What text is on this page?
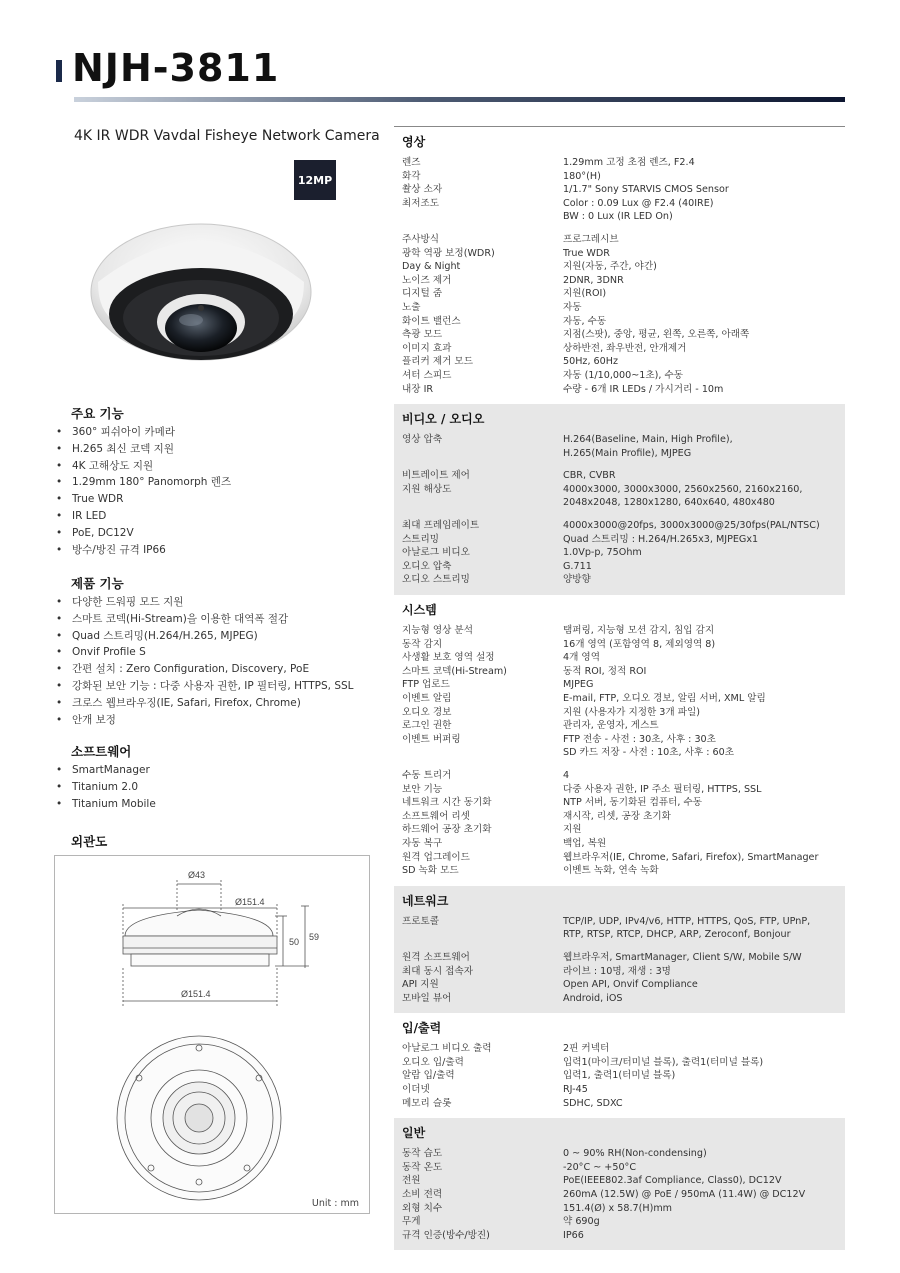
NJH-3811
4K IR WDR Vavdal Fisheye Network Camera
12MP
주요 기능
• 360° 피쉬아이 카메라
• H.265 최신 코덱 지원
• 4K 고해상도 지원
• 1.29mm 180° Panomorph 렌즈
• True WDR
• IR LED
• PoE, DC12V
• 방수/방진 규격 IP66
제품 기능
• 다양한 드워핑 모드 지원
• 스마트 코덱(Hi-Stream)을 이용한 대역폭 절감
• Quad 스트리밍(H.264/H.265, MJPEG)
• Onvif Profile S
• 간편 설치 : Zero Configuration, Discovery, PoE
• 강화된 보안 기능 : 다중 사용자 권한, IP 필터링, HTTPS, SSL
• 크로스 웹브라우징(IE, Safari, Firefox, Chrome)
• 안개 보정
소프트웨어
• SmartManager
• Titanium 2.0
• Titanium Mobile
외관도
Ø43
Ø151.4
50 59
Ø151.4
Unit : mm
영상
렌즈	1.29mm 고정 초점 렌즈, F2.4
화각	180°(H)
촬상 소자	1/1.7" Sony STARVIS CMOS Sensor
최저조도	Color : 0.09 Lux @ F2.4 (40IRE)
BW : 0 Lux (IR LED On)
주사방식	프로그레시브
광학 역광 보정(WDR)	True WDR
Day & Night	지원(자동, 주간, 야간)
노이즈 제거	2DNR, 3DNR
디지털 줌	지원(ROI)
노출	자동
화이트 밸런스	자동, 수동
측광 모드	지점(스팟), 중앙, 평균, 왼쪽, 오른쪽, 아래쪽
이미지 효과	상하반전, 좌우반전, 안개제거
플리커 제거 모드	50Hz, 60Hz
셔터 스피드	자동 (1/10,000~1초), 수동
내장 IR	수량 - 6개 IR LEDs / 가시거리 - 10m
비디오 / 오디오
영상 압축	H.264(Baseline, Main, High Profile),
H.265(Main Profile), MJPEG
비트레이트 제어	CBR, CVBR
지원 해상도	4000x3000, 3000x3000, 2560x2560, 2160x2160,
2048x2048, 1280x1280, 640x640, 480x480
최대 프레임레이트	4000x3000@20fps, 3000x3000@25/30fps(PAL/NTSC)
스트리밍	Quad 스트리밍 : H.264/H.265x3, MJPEGx1
아날로그 비디오	1.0Vp-p, 75Ohm
오디오 압축	G.711
오디오 스트리밍	양방향
시스템
지능형 영상 분석	탬퍼링, 지능형 모션 감지, 침입 감지
동작 감지	16개 영역 (포함영역 8, 제외영역 8)
사생활 보호 영역 설정	4개 영역
스마트 코덱(Hi-Stream)	동적 ROI, 정적 ROI
FTP 업로드	MJPEG
이벤트 알림	E-mail, FTP, 오디오 경보, 알림 서버, XML 알림
오디오 경보	지원 (사용자가 지정한 3개 파일)
로그인 권한	관리자, 운영자, 게스트
이벤트 버퍼링	FTP 전송 - 사전 : 30초, 사후 : 30초
SD 카드 저장 - 사전 : 10초, 사후 : 60초
수동 트리거	4
보안 기능	다중 사용자 권한, IP 주소 필터링, HTTPS, SSL
네트워크 시간 동기화	NTP 서버, 동기화된 컴퓨터, 수동
소프트웨어 리셋	재시작, 리셋, 공장 초기화
하드웨어 공장 초기화	지원
자동 복구	백업, 복원
원격 업그레이드	웹브라우저(IE, Chrome, Safari, Firefox), SmartManager
SD 녹화 모드	이벤트 녹화, 연속 녹화
네트워크
프로토콜	TCP/IP, UDP, IPv4/v6, HTTP, HTTPS, QoS, FTP, UPnP,
RTP, RTSP, RTCP, DHCP, ARP, Zeroconf, Bonjour
원격 소프트웨어	웹브라우저, SmartManager, Client S/W, Mobile S/W
최대 동시 접속자	라이브 : 10명, 재생 : 3명
API 지원	Open API, Onvif Compliance
모바일 뷰어	Android, iOS
입/출력
아날로그 비디오 출력	2핀 커넥터
오디오 입/출력	입력1(마이크/터미널 블록), 출력1(터미널 블록)
알람 입/출력	입력1, 출력1(터미널 블록)
이더넷	RJ-45
메모리 슬롯	SDHC, SDXC
일반
동작 습도	0 ~ 90% RH(Non-condensing)
동작 온도	-20°C ~ +50°C
전원	PoE(IEEE802.3af Compliance, Class0), DC12V
소비 전력	260mA (12.5W) @ PoE / 950mA (11.4W) @ DC12V
외형 치수	151.4(Ø) x 58.7(H)mm
무게	약 690g
규격 인증(방수/방진)	IP66
